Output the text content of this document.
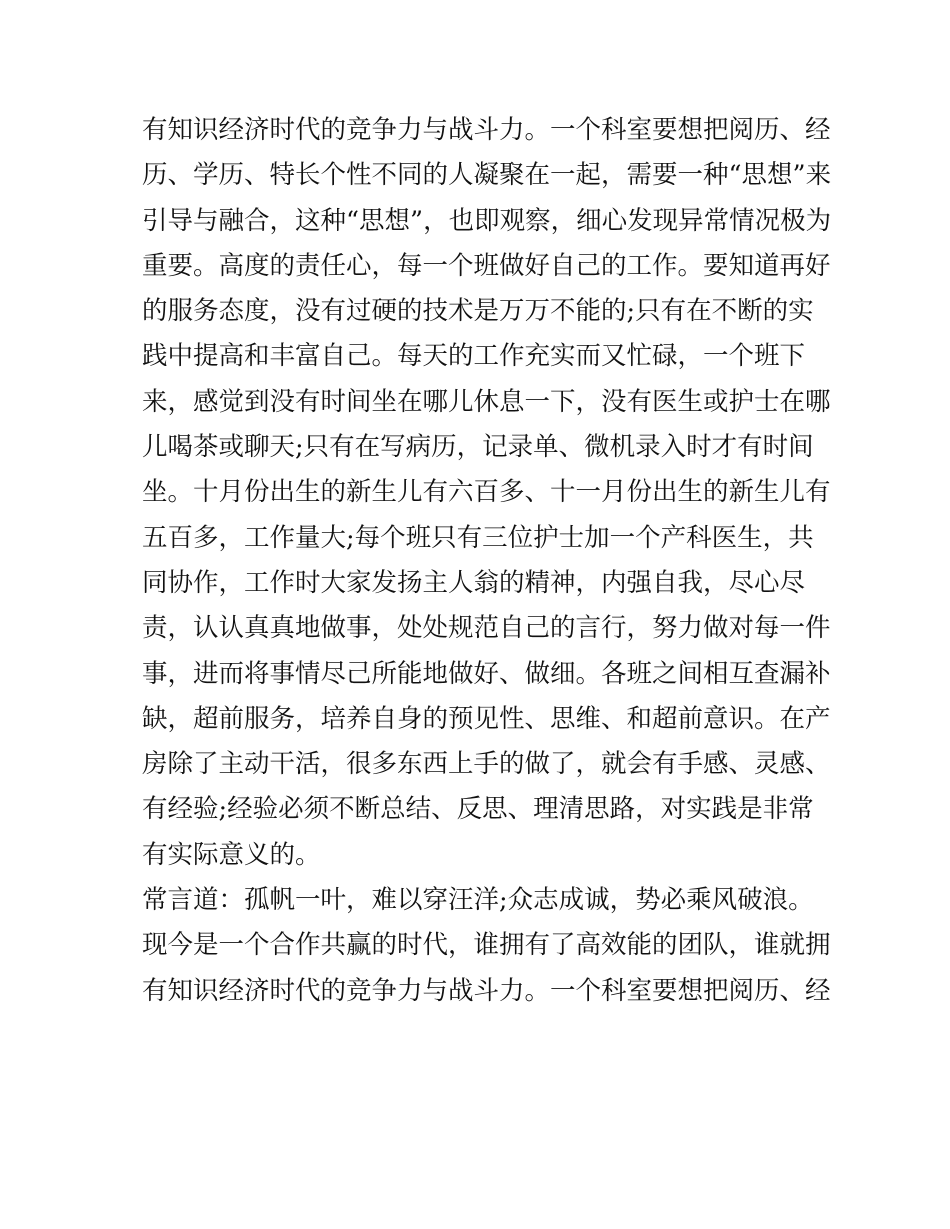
有知识经济时代的竞争力与战斗力。一个科室要想把阅历、经
历、学历、特长个性不同的人凝聚在一起，需要一种“思想”来
引导与融合，这种“思想”，也即观察，细心发现异常情况极为
重要。高度的责任心，每一个班做好自己的工作。要知道再好
的服务态度，没有过硬的技术是万万不能的;只有在不断的实
践中提高和丰富自己。每天的工作充实而又忙碌，一个班下
来，感觉到没有时间坐在哪儿休息一下，没有医生或护士在哪
儿喝茶或聊天;只有在写病历，记录单、微机录入时才有时间
坐。十月份出生的新生儿有六百多、十一月份出生的新生儿有
五百多，工作量大;每个班只有三位护士加一个产科医生，共
同协作，工作时大家发扬主人翁的精神，内强自我，尽心尽
责，认认真真地做事，处处规范自己的言行，努力做对每一件
事，进而将事情尽己所能地做好、做细。各班之间相互查漏补
缺，超前服务，培养自身的预见性、思维、和超前意识。在产
房除了主动干活，很多东西上手的做了，就会有手感、灵感、
有经验;经验必须不断总结、反思、理清思路，对实践是非常
有实际意义的。
常言道：孤帆一叶，难以穿汪洋;众志成诚，势必乘风破浪。
现今是一个合作共赢的时代，谁拥有了高效能的团队，谁就拥
有知识经济时代的竞争力与战斗力。一个科室要想把阅历、经
